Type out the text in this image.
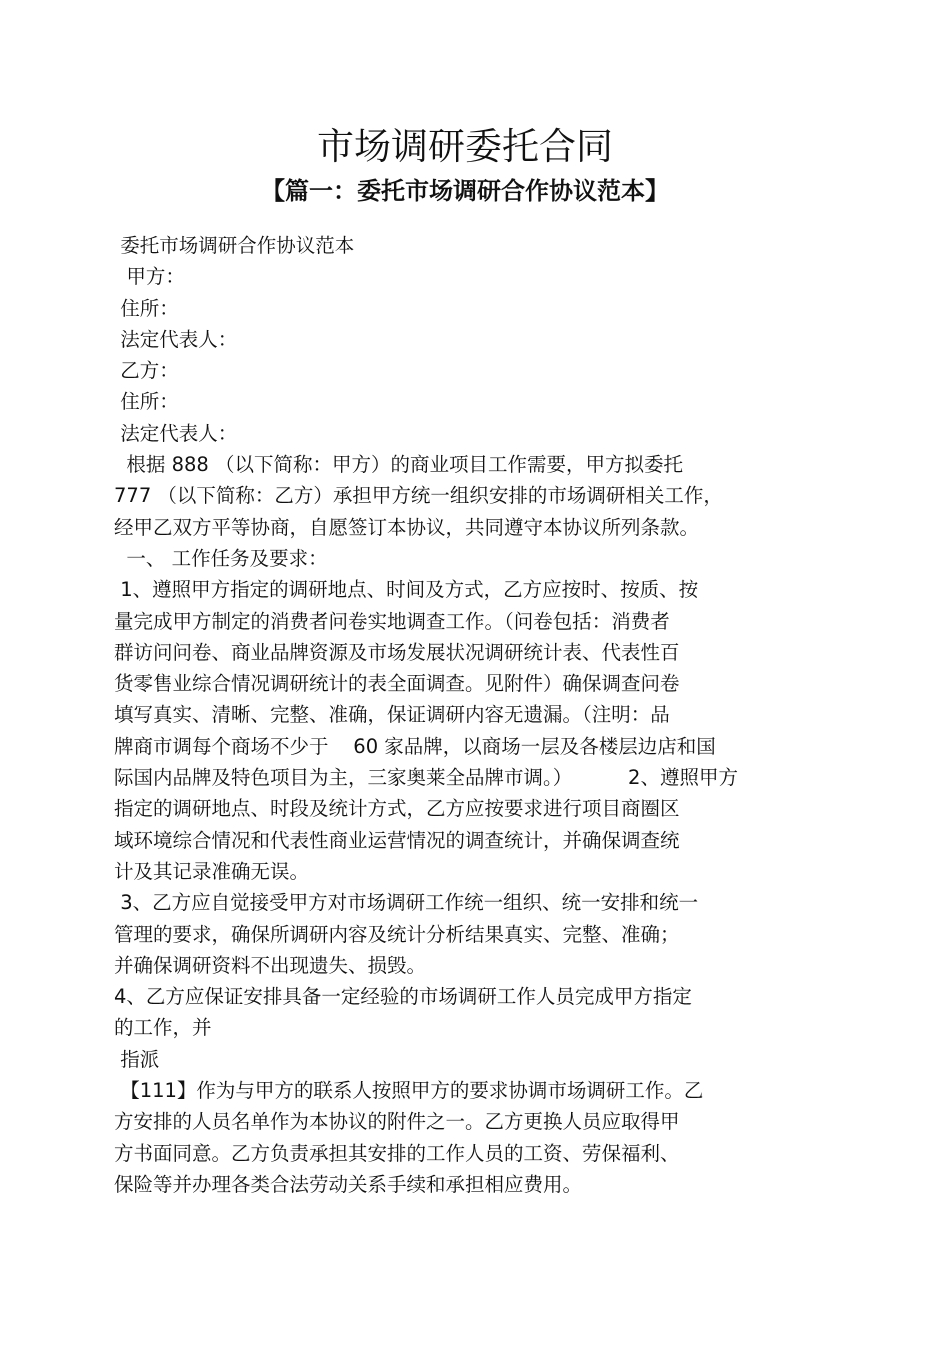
市场调研委托合同
【篇一：委托市场调研合作协议范本】
委托市场调研合作协议范本
甲方：
住所：
法定代表人：
乙方：
住所：
法定代表人：
根据 888 （以下简称：甲方）的商业项目工作需要，甲方拟委托
777 （以下简称：乙方）承担甲方统一组织安排的市场调研相关工作，
经甲乙双方平等协商，自愿签订本协议，共同遵守本协议所列条款。
一、 工作任务及要求：
1、遵照甲方指定的调研地点、时间及方式，乙方应按时、按质、按
量完成甲方制定的消费者问卷实地调查工作。（问卷包括：消费者
群访问问卷、商业品牌资源及市场发展状况调研统计表、代表性百
货零售业综合情况调研统计的表全面调查。见附件）确保调查问卷
填写真实、清晰、完整、准确，保证调研内容无遗漏。（注明：品
牌商市调每个商场不少于    60 家品牌，以商场一层及各楼层边店和国
际国内品牌及特色项目为主，三家奥莱全品牌市调。）         2、遵照甲方
指定的调研地点、时段及统计方式，乙方应按要求进行项目商圈区
域环境综合情况和代表性商业运营情况的调查统计，并确保调查统
计及其记录准确无误。
3、乙方应自觉接受甲方对市场调研工作统一组织、统一安排和统一
管理的要求，确保所调研内容及统计分析结果真实、完整、准确；
并确保调研资料不出现遗失、损毁。
4、乙方应保证安排具备一定经验的市场调研工作人员完成甲方指定
的工作，并
指派
【111】作为与甲方的联系人按照甲方的要求协调市场调研工作。乙
方安排的人员名单作为本协议的附件之一。乙方更换人员应取得甲
方书面同意。乙方负责承担其安排的工作人员的工资、劳保福利、
保险等并办理各类合法劳动关系手续和承担相应费用。
